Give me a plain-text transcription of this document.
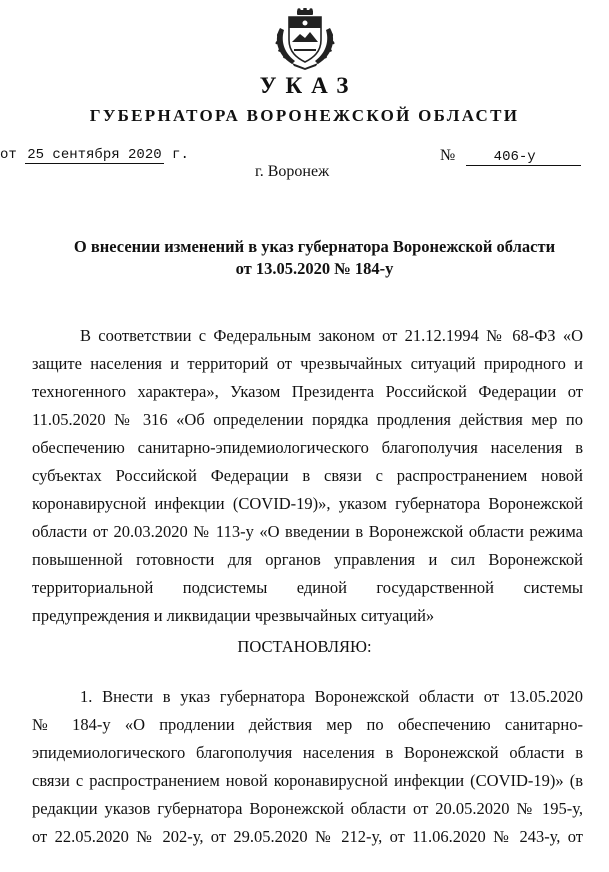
УКАЗ
ГУБЕРНАТОРА ВОРОНЕЖСКОЙ ОБЛАСТИ
от 25 сентября 2020 г.	№	406-у
г. Воронеж
О внесении изменений в указ губернатора Воронежской области
от 13.05.2020 № 184-у
В соответствии с Федеральным законом от 21.12.1994 № 68-ФЗ «О
защите населения и территорий от чрезвычайных ситуаций природного и
техногенного характера», Указом Президента Российской Федерации от
11.05.2020 № 316 «Об определении порядка продления действия мер по
обеспечению санитарно-эпидемиологического благополучия населения в
субъектах Российской Федерации в связи с распространением новой
коронавирусной инфекции (COVID-19)», указом губернатора Воронежской
области от 20.03.2020 № 113-у «О введении в Воронежской области режима
повышенной готовности для органов управления и сил Воронежской
территориальной подсистемы единой государственной системы
предупреждения и ликвидации чрезвычайных ситуаций»
ПОСТАНОВЛЯЮ:
1. Внести в указ губернатора Воронежской области от 13.05.2020
№ 184-у «О продлении действия мер по обеспечению санитарно-
эпидемиологического благополучия населения в Воронежской области в
связи с распространением новой коронавирусной инфекции (COVID-19)» (в
редакции указов губернатора Воронежской области от 20.05.2020 № 195-у,
от 22.05.2020 № 202-у, от 29.05.2020 № 212-у, от 11.06.2020 № 243-у, от
